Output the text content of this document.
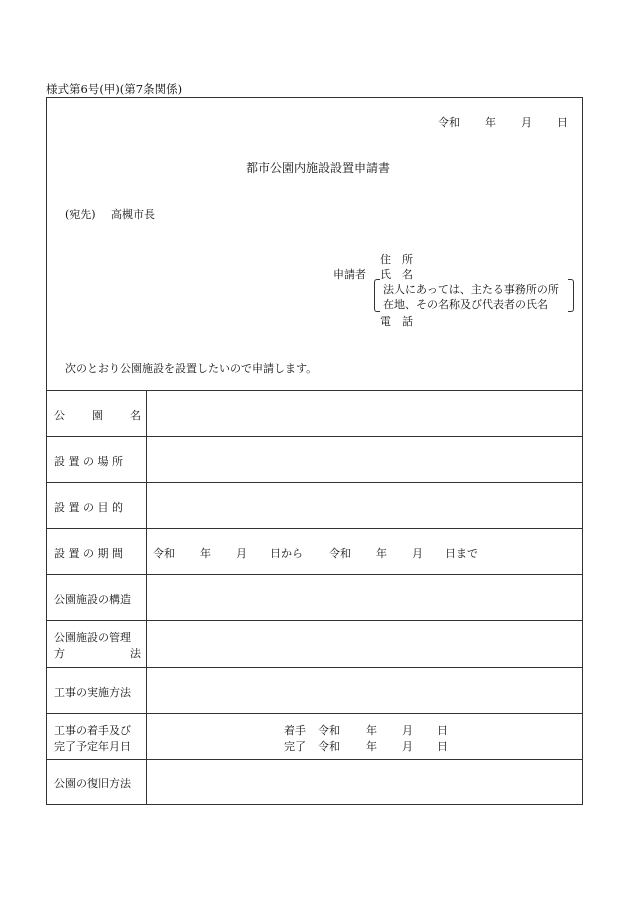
様式第6号(甲)(第7条関係)
令和 年 月 日
都市公園内施設設置申請書
(宛先) 高槻市長
住　所
申請者 氏　名
法人にあっては、主たる事務所の所
在地、その名称及び代表者の氏名
電　話
次のとおり公園施設を設置したいので申請します。
公 園 名
設 置 の 場 所
設 置 の 目 的
設 置 の 期 間	令和 年 月 日から 令和 年 月 日まで
公園施設の構造
公園施設の管理
方	法
工事の実施方法
工事の着手及び
完了予定年月日
着手 令和 年 月 日
完了 令和 年 月 日
公園の復旧方法
